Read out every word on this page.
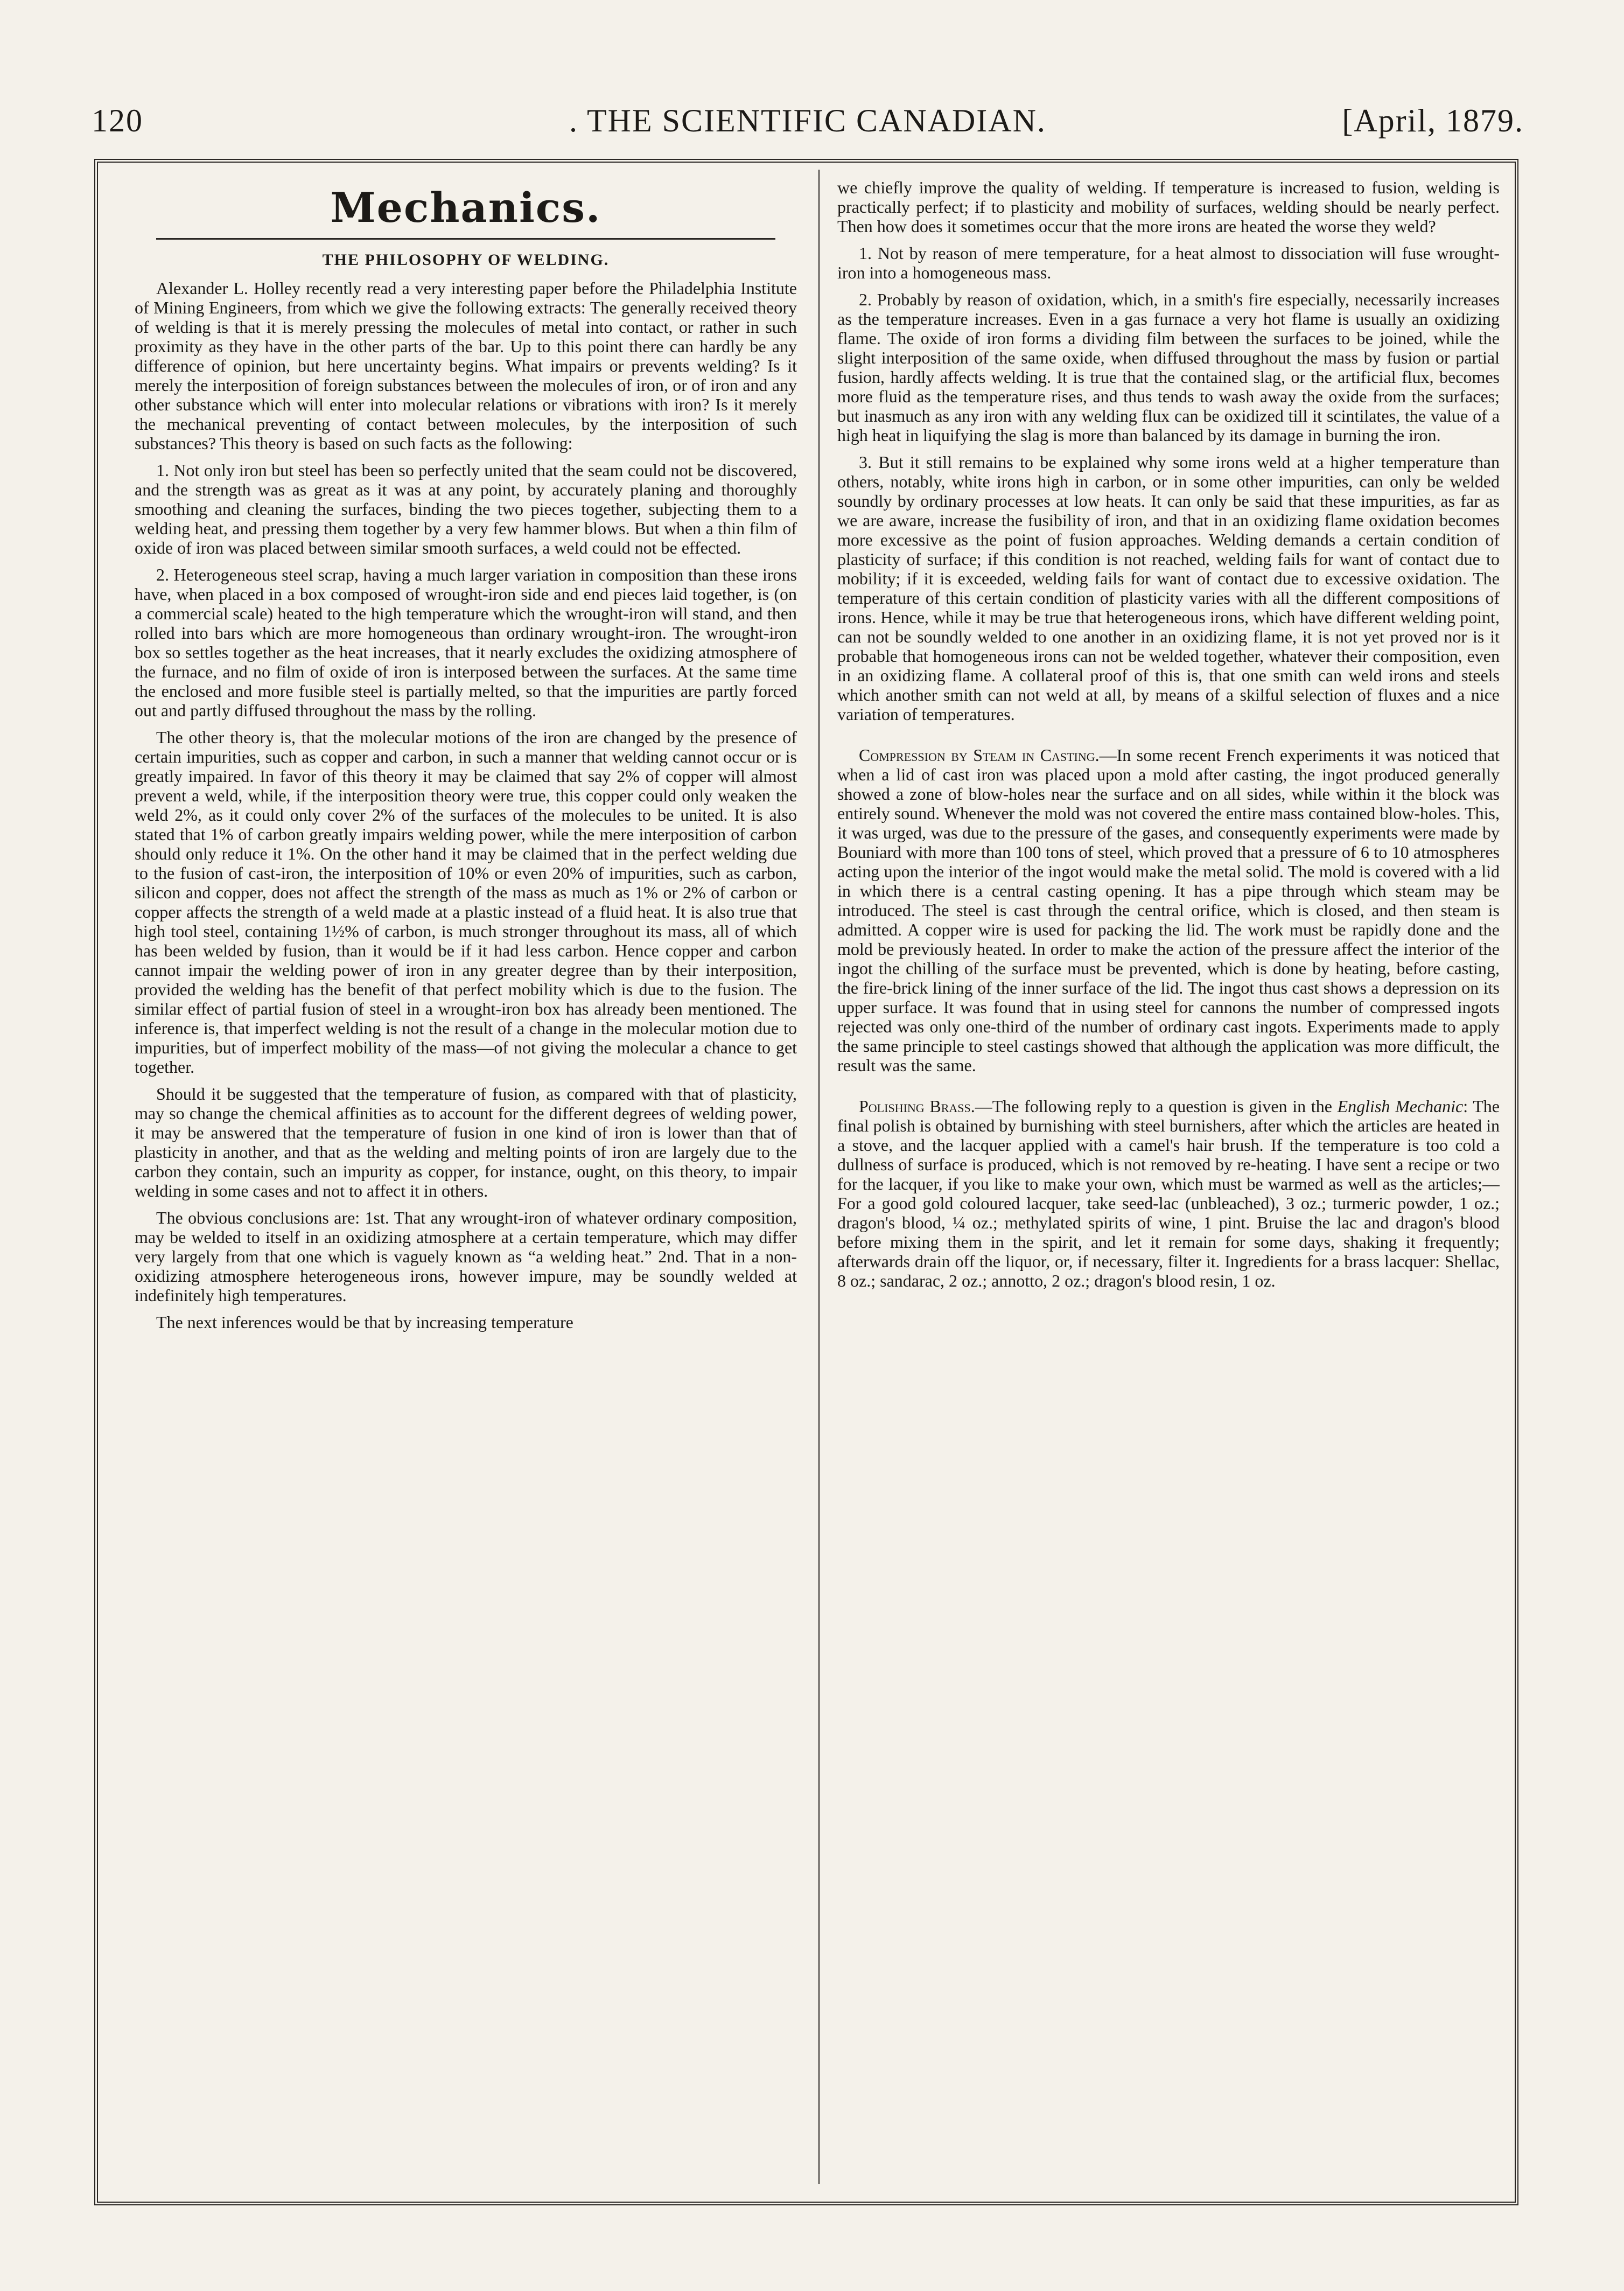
120	. THE SCIENTIFIC CANADIAN.	[April, 1879.
Mechanics.
THE PHILOSOPHY OF WELDING.

Alexander L. Holley recently read a very interesting paper before the Philadelphia Institute of Mining Engineers, from which we give the following extracts: The generally received theory of welding is that it is merely pressing the molecules of metal into contact, or rather in such proximity as they have in the other parts of the bar. Up to this point there can hardly be any difference of opinion, but here uncertainty begins. What impairs or prevents welding? Is it merely the interposition of foreign substances between the molecules of iron, or of iron and any other substance which will enter into molecular relations or vibrations with iron? Is it merely the mechanical preventing of contact between molecules, by the interposition of such substances? This theory is based on such facts as the following:

1. Not only iron but steel has been so perfectly united that the seam could not be discovered, and the strength was as great as it was at any point, by accurately planing and thoroughly smoothing and cleaning the surfaces, binding the two pieces together, subjecting them to a welding heat, and pressing them together by a very few hammer blows. But when a thin film of oxide of iron was placed between similar smooth surfaces, a weld could not be effected.

2. Heterogeneous steel scrap, having a much larger variation in composition than these irons have, when placed in a box composed of wrought-iron side and end pieces laid together, is (on a commercial scale) heated to the high temperature which the wrought-iron will stand, and then rolled into bars which are more homogeneous than ordinary wrought-iron. The wrought-iron box so settles together as the heat increases, that it nearly excludes the oxidizing atmosphere of the furnace, and no film of oxide of iron is interposed between the surfaces. At the same time the enclosed and more fusible steel is partially melted, so that the impurities are partly forced out and partly diffused throughout the mass by the rolling.

The other theory is, that the molecular motions of the iron are changed by the presence of certain impurities, such as copper and carbon, in such a manner that welding cannot occur or is greatly impaired. In favor of this theory it may be claimed that say 2% of copper will almost prevent a weld, while, if the interposition theory were true, this copper could only weaken the weld 2%, as it could only cover 2% of the surfaces of the molecules to be united. It is also stated that 1% of carbon greatly impairs welding power, while the mere interposition of carbon should only reduce it 1%. On the other hand it may be claimed that in the perfect welding due to the fusion of cast-iron, the interposition of 10% or even 20% of impurities, such as carbon, silicon and copper, does not affect the strength of the mass as much as 1% or 2% of carbon or copper affects the strength of a weld made at a plastic instead of a fluid heat. It is also true that high tool steel, containing 1½% of carbon, is much stronger throughout its mass, all of which has been welded by fusion, than it would be if it had less carbon. Hence copper and carbon cannot impair the welding power of iron in any greater degree than by their interposition, provided the welding has the benefit of that perfect mobility which is due to the fusion. The similar effect of partial fusion of steel in a wrought-iron box has already been mentioned. The inference is, that imperfect welding is not the result of a change in the molecular motion due to impurities, but of imperfect mobility of the mass—of not giving the molecular a chance to get together.

Should it be suggested that the temperature of fusion, as compared with that of plasticity, may so change the chemical affinities as to account for the different degrees of welding power, it may be answered that the temperature of fusion in one kind of iron is lower than that of plasticity in another, and that as the welding and melting points of iron are largely due to the carbon they contain, such an impurity as copper, for instance, ought, on this theory, to impair welding in some cases and not to affect it in others.

The obvious conclusions are: 1st. That any wrought-iron of whatever ordinary composition, may be welded to itself in an oxidizing atmosphere at a certain temperature, which may differ very largely from that one which is vaguely known as “a welding heat.” 2nd. That in a non-oxidizing atmosphere heterogeneous irons, however impure, may be soundly welded at indefinitely high temperatures.

The next inferences would be that by increasing temperature

we chiefly improve the quality of welding. If temperature is increased to fusion, welding is practically perfect; if to plasticity and mobility of surfaces, welding should be nearly perfect. Then how does it sometimes occur that the more irons are heated the worse they weld?

1. Not by reason of mere temperature, for a heat almost to dissociation will fuse wrought-iron into a homogeneous mass.

2. Probably by reason of oxidation, which, in a smith's fire especially, necessarily increases as the temperature increases. Even in a gas furnace a very hot flame is usually an oxidizing flame. The oxide of iron forms a dividing film between the surfaces to be joined, while the slight interposition of the same oxide, when diffused throughout the mass by fusion or partial fusion, hardly affects welding. It is true that the contained slag, or the artificial flux, becomes more fluid as the temperature rises, and thus tends to wash away the oxide from the surfaces; but inasmuch as any iron with any welding flux can be oxidized till it scintilates, the value of a high heat in liquifying the slag is more than balanced by its damage in burning the iron.

3. But it still remains to be explained why some irons weld at a higher temperature than others, notably, white irons high in carbon, or in some other impurities, can only be welded soundly by ordinary processes at low heats. It can only be said that these impurities, as far as we are aware, increase the fusibility of iron, and that in an oxidizing flame oxidation becomes more excessive as the point of fusion approaches. Welding demands a certain condition of plasticity of surface; if this condition is not reached, welding fails for want of contact due to mobility; if it is exceeded, welding fails for want of contact due to excessive oxidation. The temperature of this certain condition of plasticity varies with all the different compositions of irons. Hence, while it may be true that heterogeneous irons, which have different welding point, can not be soundly welded to one another in an oxidizing flame, it is not yet proved nor is it probable that homogeneous irons can not be welded together, whatever their composition, even in an oxidizing flame. A collateral proof of this is, that one smith can weld irons and steels which another smith can not weld at all, by means of a skilful selection of fluxes and a nice variation of temperatures.

Compression by Steam in Casting.—In some recent French experiments it was noticed that when a lid of cast iron was placed upon a mold after casting, the ingot produced generally showed a zone of blow-holes near the surface and on all sides, while within it the block was entirely sound. Whenever the mold was not covered the entire mass contained blow-holes. This, it was urged, was due to the pressure of the gases, and consequently experiments were made by Bouniard with more than 100 tons of steel, which proved that a pressure of 6 to 10 atmospheres acting upon the interior of the ingot would make the metal solid. The mold is covered with a lid in which there is a central casting opening. It has a pipe through which steam may be introduced. The steel is cast through the central orifice, which is closed, and then steam is admitted. A copper wire is used for packing the lid. The work must be rapidly done and the mold be previously heated. In order to make the action of the pressure affect the interior of the ingot the chilling of the surface must be prevented, which is done by heating, before casting, the fire-brick lining of the inner surface of the lid. The ingot thus cast shows a depression on its upper surface. It was found that in using steel for cannons the number of compressed ingots rejected was only one-third of the number of ordinary cast ingots. Experiments made to apply the same principle to steel castings showed that although the application was more difficult, the result was the same.

Polishing Brass.—The following reply to a question is given in the English Mechanic: The final polish is obtained by burnishing with steel burnishers, after which the articles are heated in a stove, and the lacquer applied with a camel's hair brush. If the temperature is too cold a dullness of surface is produced, which is not removed by re-heating. I have sent a recipe or two for the lacquer, if you like to make your own, which must be warmed as well as the articles;—For a good gold coloured lacquer, take seed-lac (unbleached), 3 oz.; turmeric powder, 1 oz.; dragon's blood, ¼ oz.; methylated spirits of wine, 1 pint. Bruise the lac and dragon's blood before mixing them in the spirit, and let it remain for some days, shaking it frequently; afterwards drain off the liquor, or, if necessary, filter it. Ingredients for a brass lacquer: Shellac, 8 oz.; sandarac, 2 oz.; annotto, 2 oz.; dragon's blood resin, 1 oz.
